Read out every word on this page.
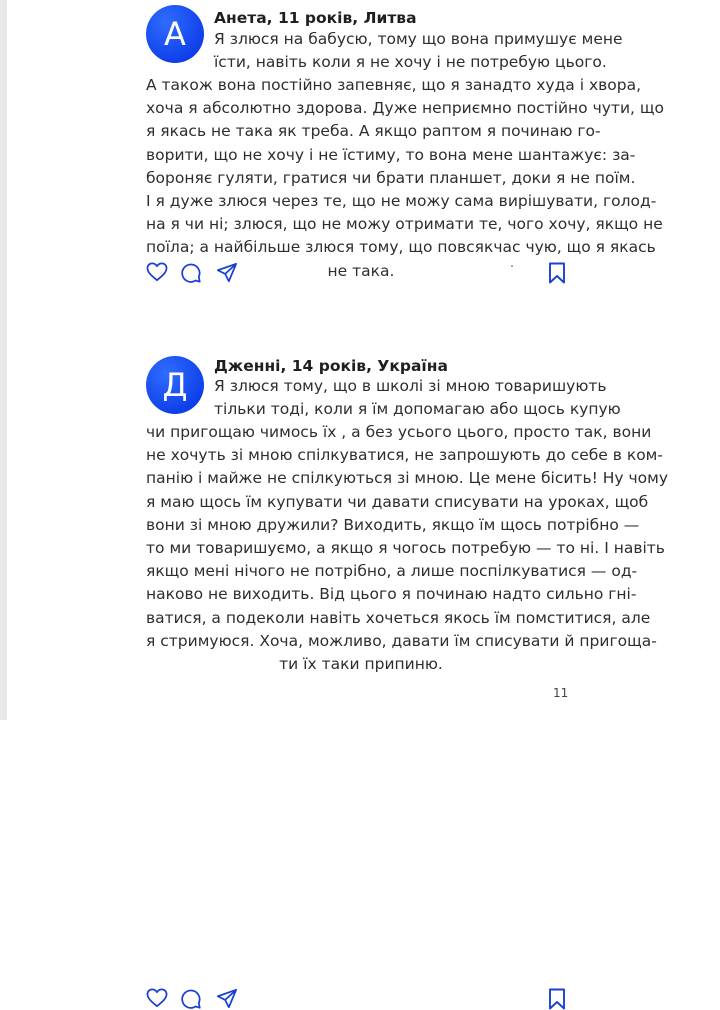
А	Анета, 11 років, Литва
Я злюся на бабусю, тому що вона примушує мене
їсти, навіть коли я не хочу і не потребую цього.
А також вона постійно запевняє, що я занадто худа і хвора,
хоча я абсолютно здорова. Дуже неприємно постійно чути, що
я якась не така як треба. А якщо раптом я починаю го-
ворити, що не хочу і не їстиму, то вона мене шантажує: за-
бороняє гуляти, гратися чи брати планшет, доки я не поїм.
І я дуже злюся через те, що не можу сама вирішувати, голод-
на я чи ні; злюся, що не можу отримати те, чого хочу, якщо не
поїла; а найбільше злюся тому, що повсякчас чую, що я якась
не така.
Д	Дженні, 14 років, Україна
Я злюся тому, що в школі зі мною товаришують
тільки тоді, коли я їм допомагаю або щось купую
чи пригощаю чимось їх , а без усього цього, просто так, вони
не хочуть зі мною спілкуватися, не запрошують до себе в ком-
панію і майже не спілкуються зі мною. Це мене бісить! Ну чому
я маю щось їм купувати чи давати списувати на уроках, щоб
вони зі мною дружили? Виходить, якщо їм щось потрібно —
то ми товаришуємо, а якщо я чогось потребую — то ні. І навіть
якщо мені нічого не потрібно, а лише поспілкуватися — од-
наково не виходить. Від цього я починаю надто сильно гні-
ватися, а подеколи навіть хочеться якось їм помститися, але
я стримуюся. Хоча, можливо, давати їм списувати й пригоща-
ти їх таки припиню.
11
